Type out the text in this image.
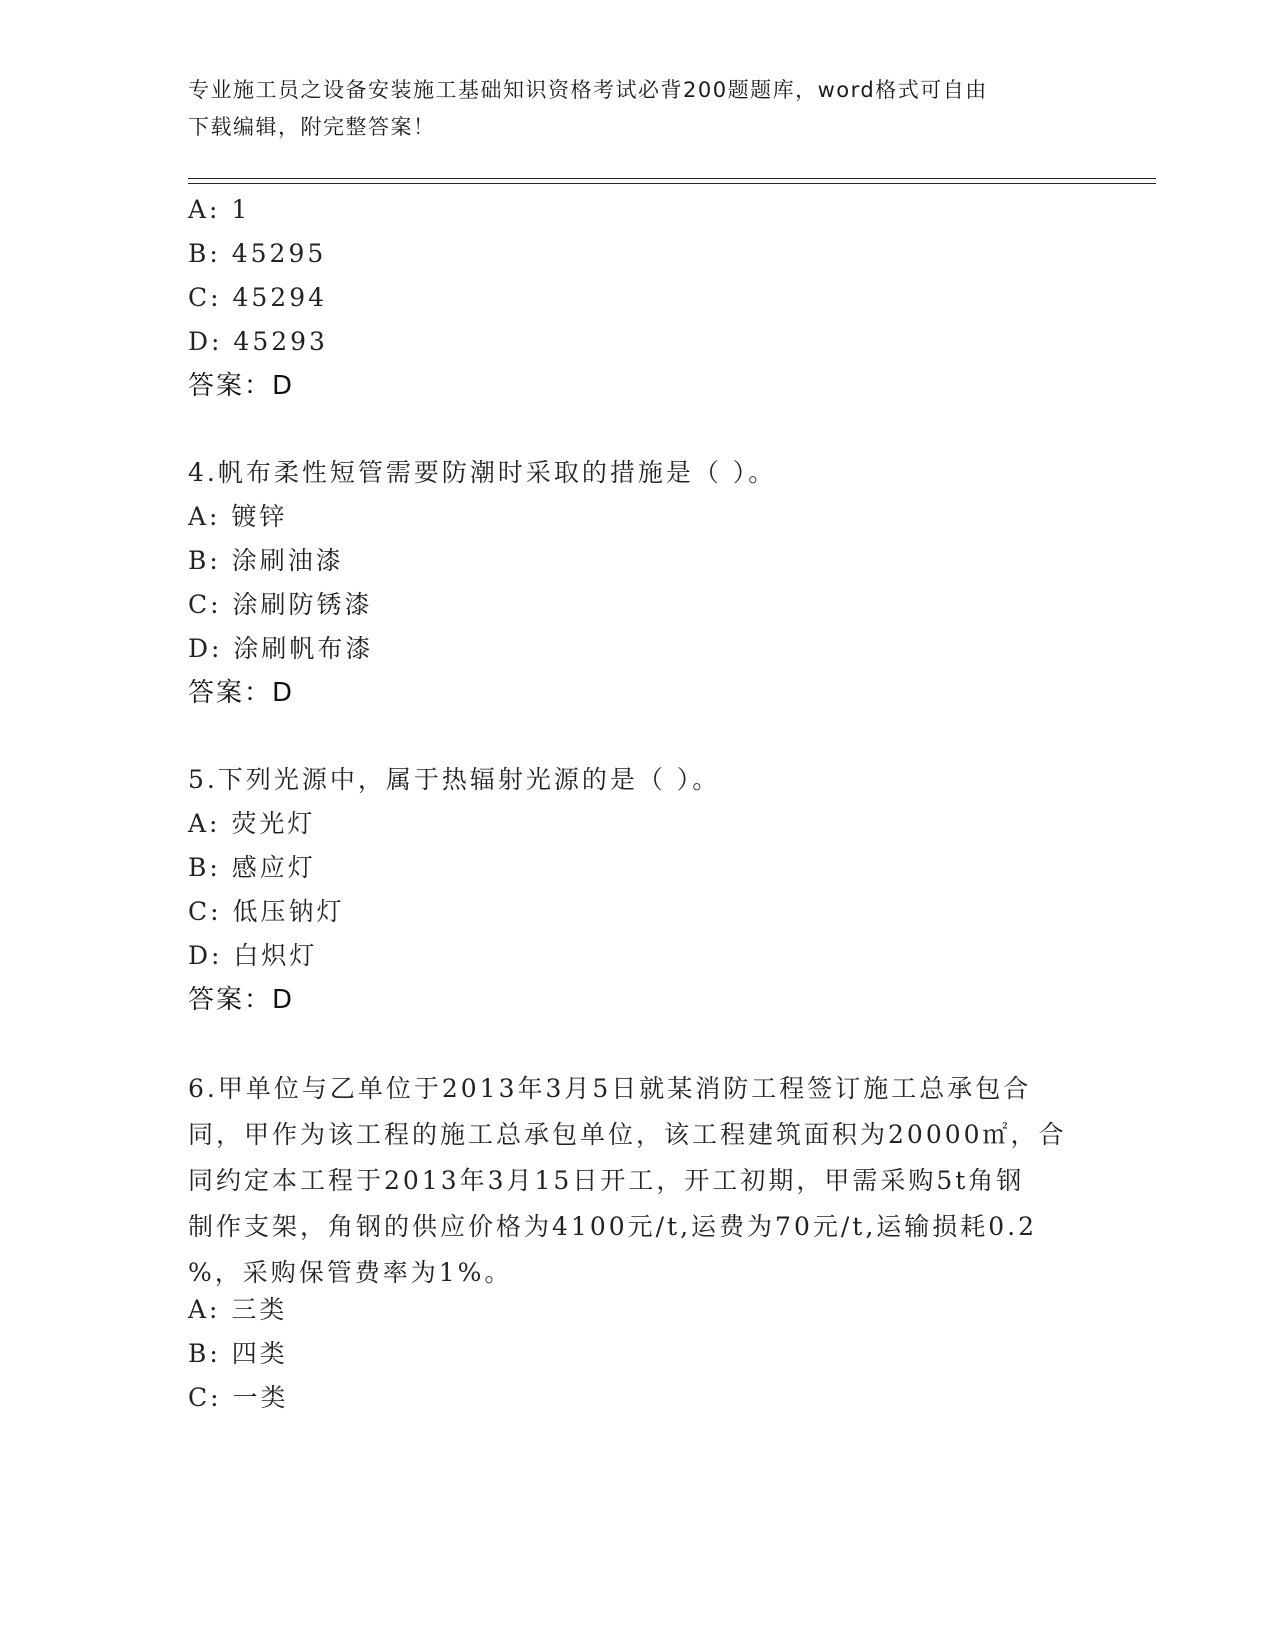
专业施工员之设备安装施工基础知识资格考试必背200题题库，word格式可自由
下载编辑，附完整答案！
A: 1
B: 45295
C: 45294
D: 45293
答案：D
4.帆布柔性短管需要防潮时采取的措施是（ ）。
A: 镀锌
B: 涂刷油漆
C: 涂刷防锈漆
D: 涂刷帆布漆
答案：D
5.下列光源中，属于热辐射光源的是（ ）。
A: 荧光灯
B: 感应灯
C: 低压钠灯
D: 白炽灯
答案：D
6.甲单位与乙单位于2013年3月5日就某消防工程签订施工总承包合
同，甲作为该工程的施工总承包单位，该工程建筑面积为20000㎡，合
同约定本工程于2013年3月15日开工，开工初期，甲需采购5t角钢
制作支架，角钢的供应价格为4100元/t,运费为70元/t,运输损耗0.2
%，采购保管费率为1%。
A: 三类
B: 四类
C: 一类
